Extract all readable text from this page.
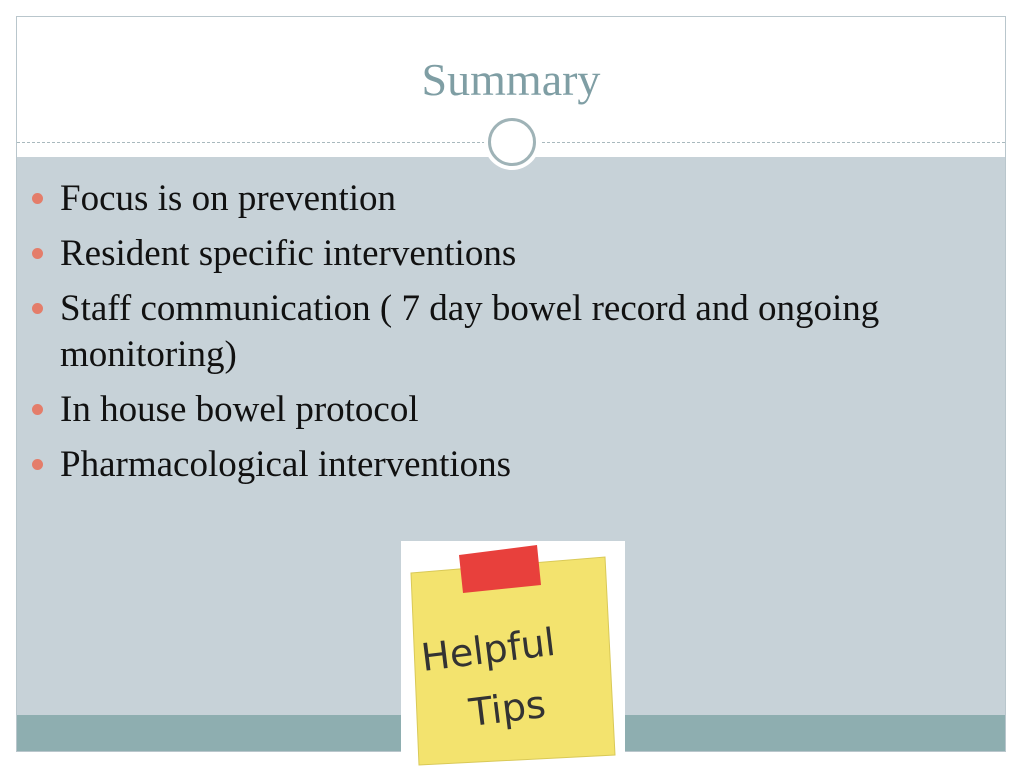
Summary
Focus is on prevention
Resident specific interventions
Staff communication ( 7 day bowel record and ongoing monitoring)
In house bowel protocol
Pharmacological interventions
Helpful
Tips
